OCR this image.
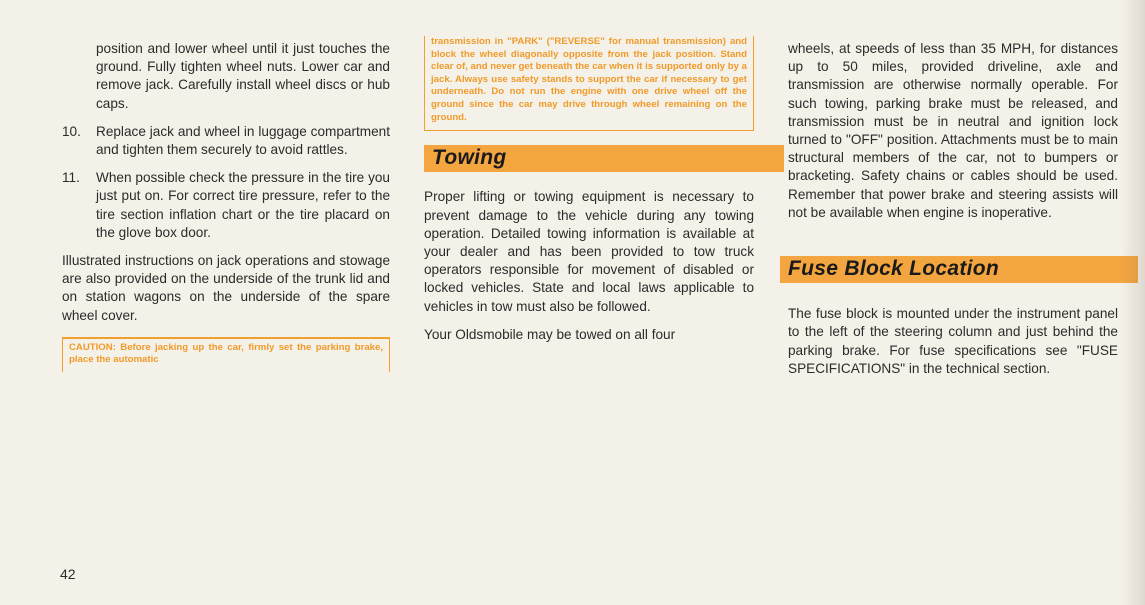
position and lower wheel until it just touches the ground. Fully tighten wheel nuts. Lower car and remove jack. Carefully install wheel discs or hub caps.

10. Replace jack and wheel in luggage compartment and tighten them securely to avoid rattles.
11. When possible check the pressure in the tire you just put on. For correct tire pressure, refer to the tire section inflation chart or the tire placard on the glove box door.

Illustrated instructions on jack operations and stowage are also provided on the underside of the trunk lid and on station wagons on the underside of the spare wheel cover.

CAUTION: Before jacking up the car, firmly set the parking brake, place the automatic
transmission in "PARK" ("REVERSE" for manual transmission) and block the wheel diagonally opposite from the jack position. Stand clear of, and never get beneath the car when it is supported only by a jack. Always use safety stands to support the car if necessary to get underneath. Do not run the engine with one drive wheel off the ground since the car may drive through wheel remaining on the ground.
Towing

Proper lifting or towing equipment is necessary to prevent damage to the vehicle during any towing operation. Detailed towing information is available at your dealer and has been provided to tow truck operators responsible for movement of disabled or locked vehicles. State and local laws applicable to vehicles in tow must also be followed.

Your Oldsmobile may be towed on all four

wheels, at speeds of less than 35 MPH, for distances up to 50 miles, provided driveline, axle and transmission are otherwise normally operable. For such towing, parking brake must be released, and transmission must be in neutral and ignition lock turned to "OFF" position. Attachments must be to main structural members of the car, not to bumpers or bracketing. Safety chains or cables should be used. Remember that power brake and steering assists will not be available when engine is inoperative.

Fuse Block Location

The fuse block is mounted under the instrument panel to the left of the steering column and just behind the parking brake. For fuse specifications see "FUSE SPECIFICATIONS" in the technical section.

42
